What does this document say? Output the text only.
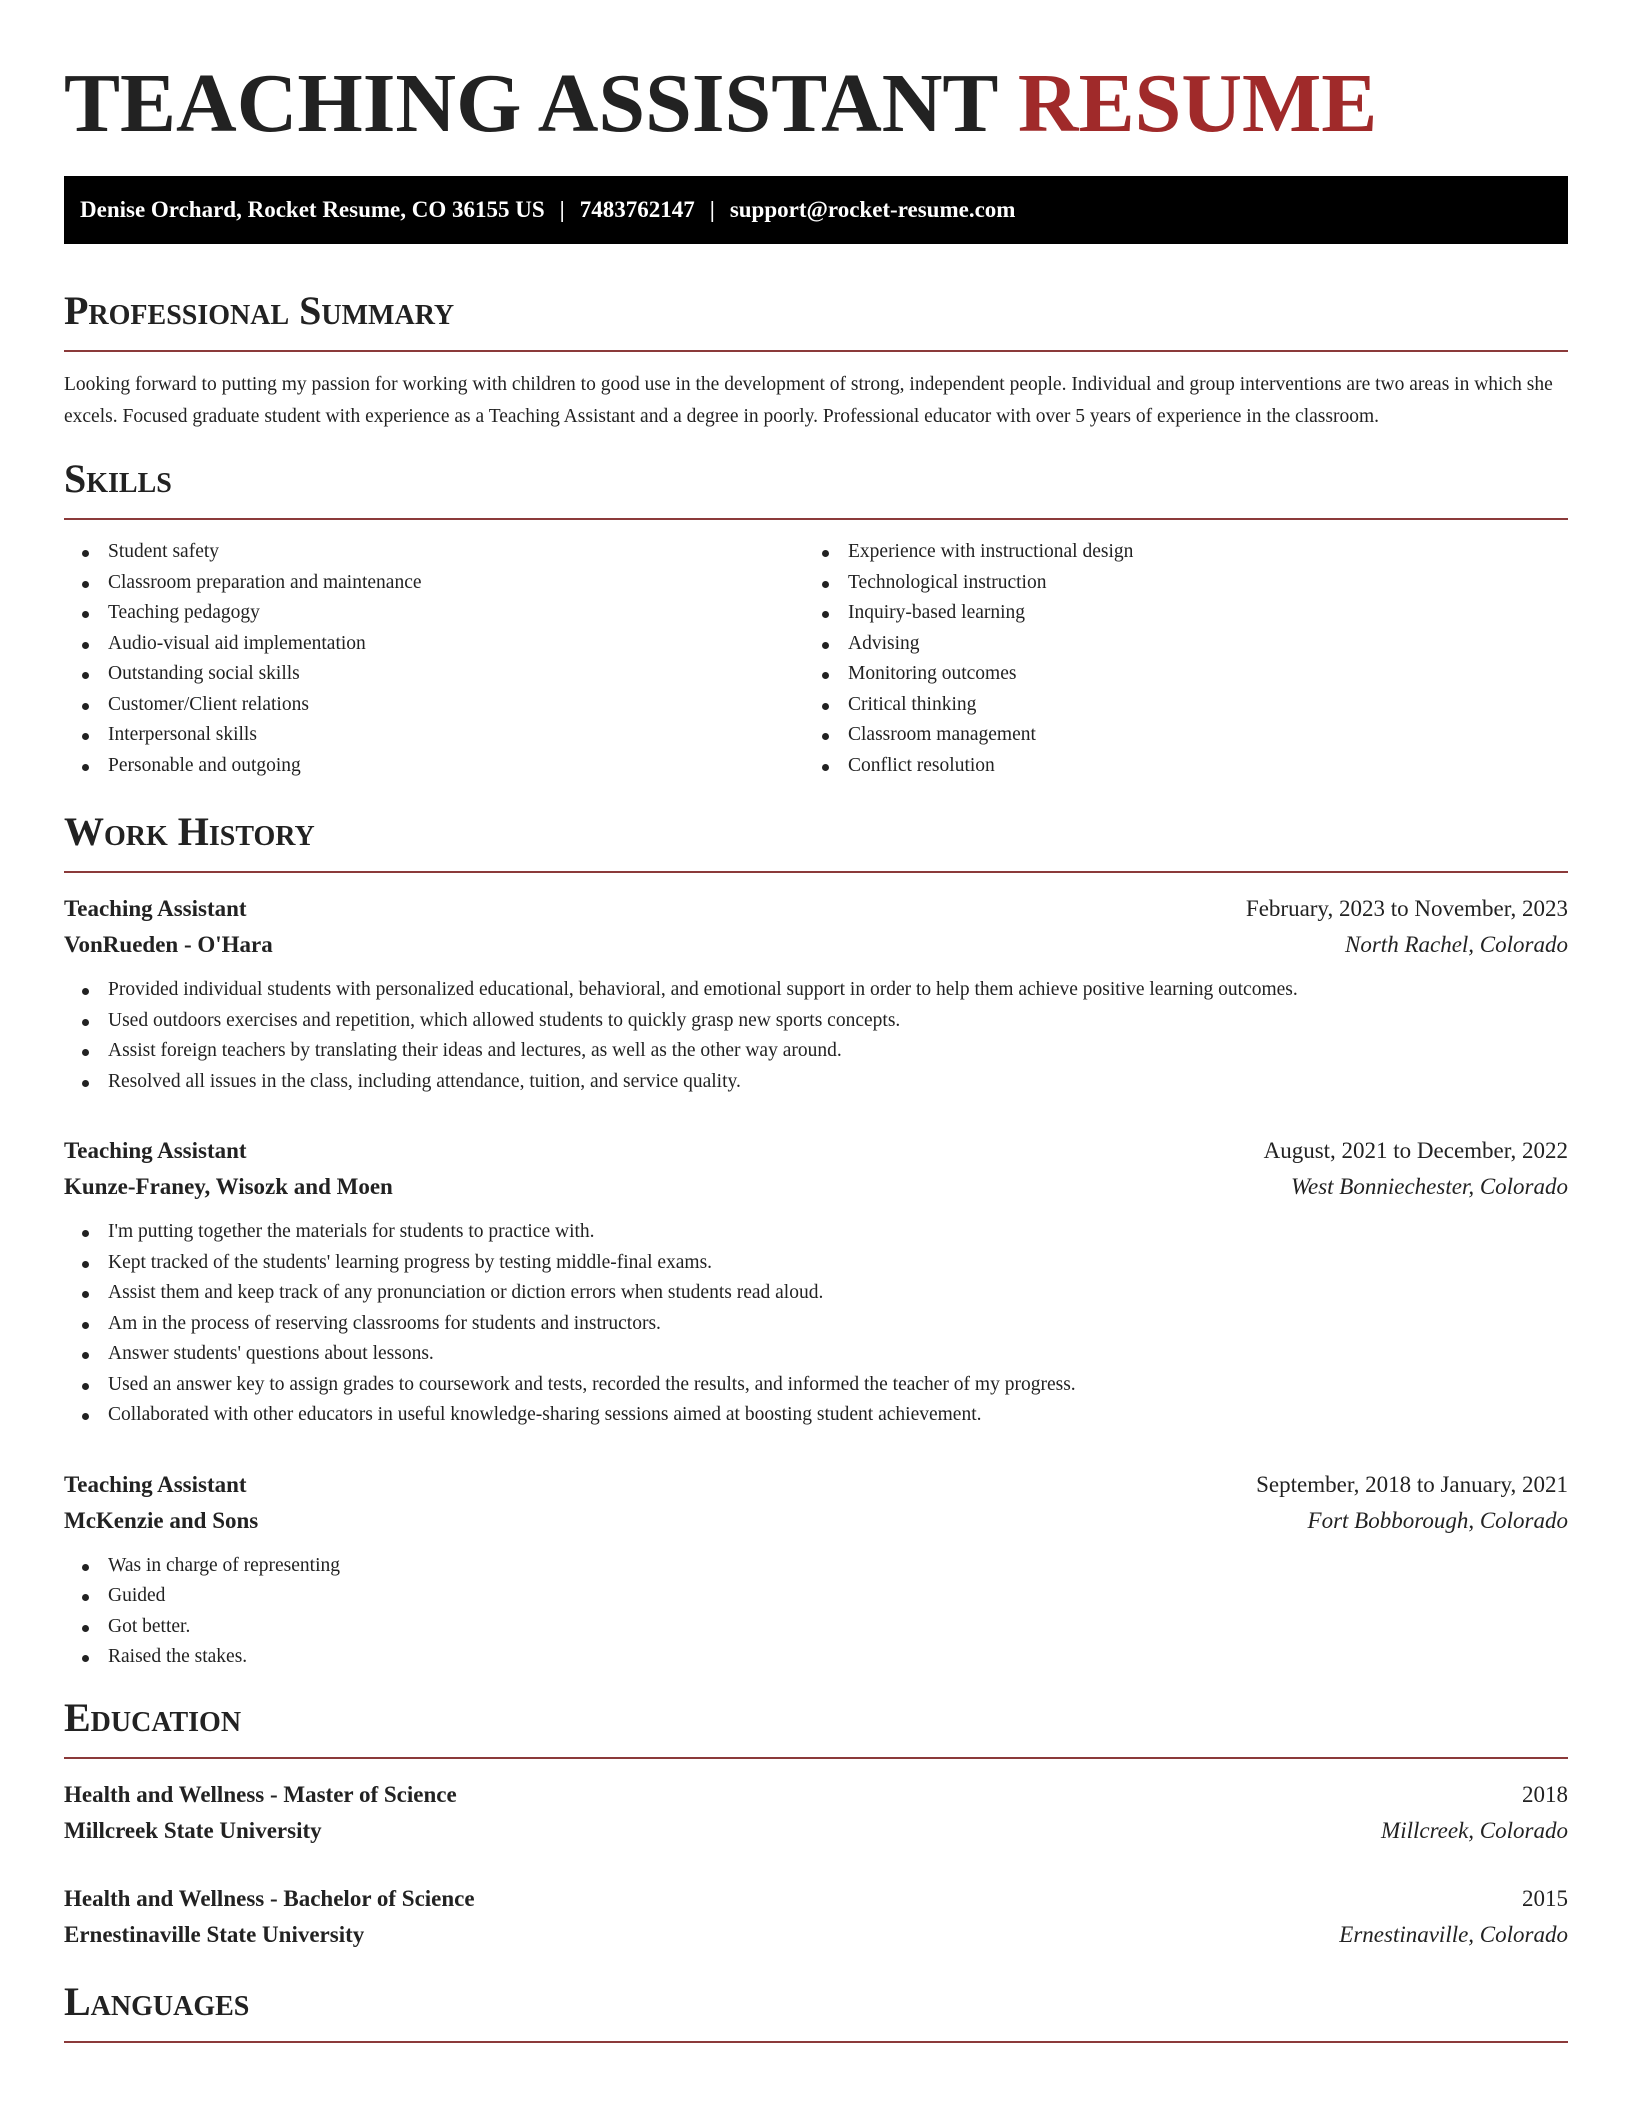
TEACHING ASSISTANT RESUME
Denise Orchard, Rocket Resume, CO 36155 US | 7483762147 | support@rocket-resume.com
Professional Summary

Looking forward to putting my passion for working with children to good use in the development of strong, independent people. Individual and group interventions are two areas in which she excels. Focused graduate student with experience as a Teaching Assistant and a degree in poorly. Professional educator with over 5 years of experience in the classroom.

Skills
Student safety
Classroom preparation and maintenance
Teaching pedagogy
Audio-visual aid implementation
Outstanding social skills
Customer/Client relations
Interpersonal skills
Personable and outgoing
Experience with instructional design
Technological instruction
Inquiry-based learning
Advising
Monitoring outcomes
Critical thinking
Classroom management
Conflict resolution
Work History
Teaching Assistant	February, 2023 to November, 2023
VonRueden - O'Hara	North Rachel, Colorado
Provided individual students with personalized educational, behavioral, and emotional support in order to help them achieve positive learning outcomes.
Used outdoors exercises and repetition, which allowed students to quickly grasp new sports concepts.
Assist foreign teachers by translating their ideas and lectures, as well as the other way around.
Resolved all issues in the class, including attendance, tuition, and service quality.
Teaching Assistant	August, 2021 to December, 2022
Kunze-Franey, Wisozk and Moen	West Bonniechester, Colorado
I'm putting together the materials for students to practice with.
Kept tracked of the students' learning progress by testing middle-final exams.
Assist them and keep track of any pronunciation or diction errors when students read aloud.
Am in the process of reserving classrooms for students and instructors.
Answer students' questions about lessons.
Used an answer key to assign grades to coursework and tests, recorded the results, and informed the teacher of my progress.
Collaborated with other educators in useful knowledge-sharing sessions aimed at boosting student achievement.
Teaching Assistant	September, 2018 to January, 2021
McKenzie and Sons	Fort Bobborough, Colorado
Was in charge of representing
Guided
Got better.
Raised the stakes.
Education
Health and Wellness - Master of Science	2018
Millcreek State University	Millcreek, Colorado
Health and Wellness - Bachelor of Science	2015
Ernestinaville State University	Ernestinaville, Colorado
Languages
